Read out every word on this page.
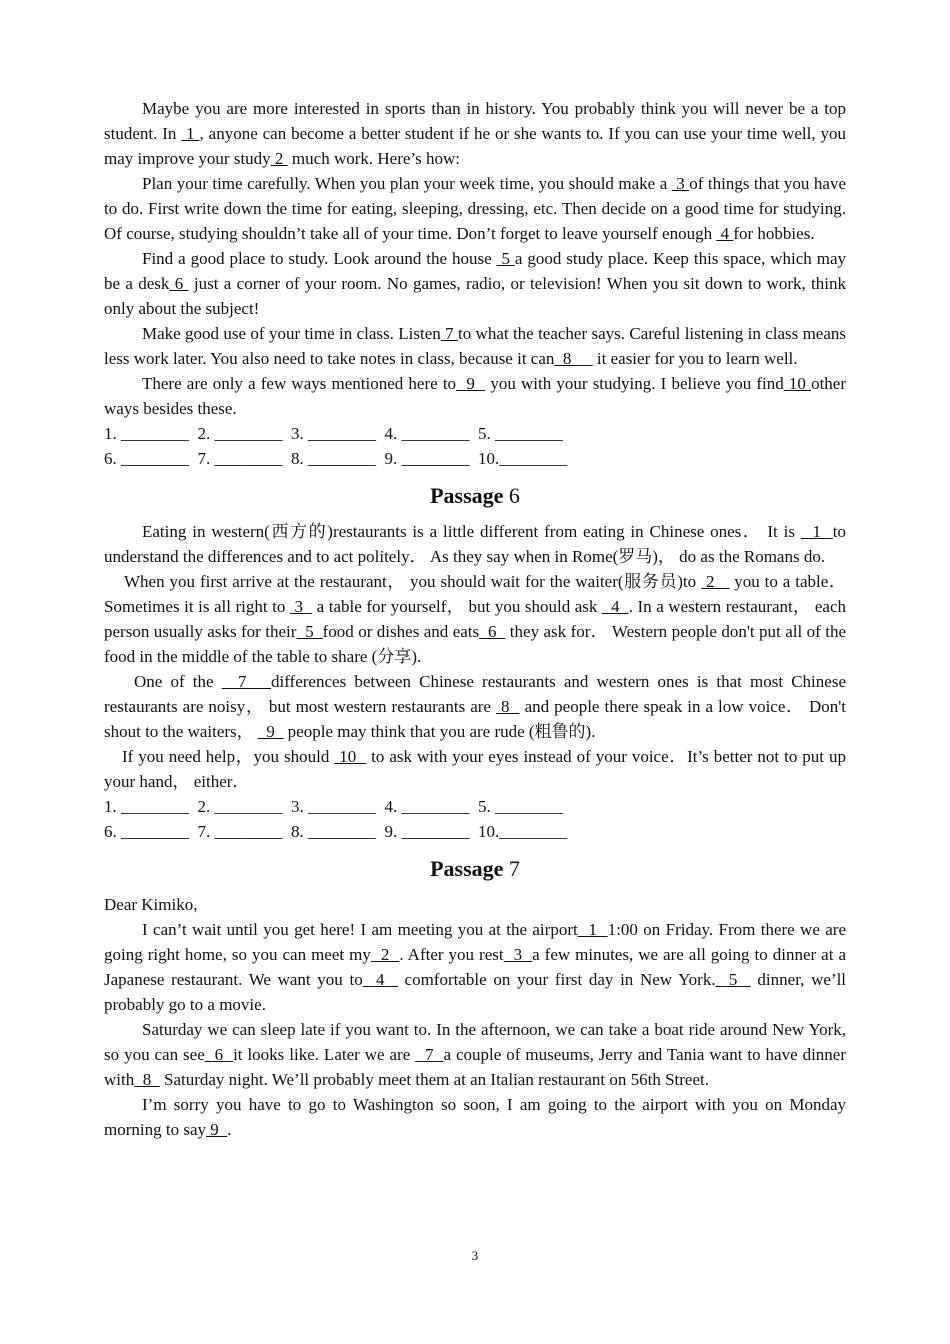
Maybe you are more interested in sports than in history. You probably think you will never be a top student. In  1 , anyone can become a better student if he or she wants to. If you can use your time well, you may improve your study 2  much work. Here’s how:

Plan your time carefully. When you plan your week time, you should make a  3 of things that you have to do. First write down the time for eating, sleeping, dressing, etc. Then decide on a good time for studying. Of course, studying shouldn’t take all of your time. Don’t forget to leave yourself enough  4 for hobbies.

Find a good place to study. Look around the house  5 a good study place. Keep this space, which may be a desk 6  just a corner of your room. No games, radio, or television! When you sit down to work, think only about the subject!

Make good use of your time in class. Listen 7 to what the teacher says. Careful listening in class means less work later. You also need to take notes in class, because it can  8      it easier for you to learn well.

There are only a few ways mentioned here to  9   you with your studying. I believe you find 10 other ways besides these.

1. ________  2. ________  3. ________  4. ________  5. ________

6. ________  7. ________  8. ________  9. ________  10.________

Passage 6

Eating in western(西方的)restaurants is a little different from eating in Chinese ones． It is   1  to understand the differences and to act politely． As they say when in Rome(罗马)， do as the Romans do.

When you first arrive at the restaurant， you should wait for the waiter(服务员)to  2    you to a table． Sometimes it is all right to  3   a table for yourself， but you should ask   4  . In a western restaurant， each person usually asks for their  5  food or dishes and eats  6   they ask for． Western people don't put all of the food in the middle of the table to share (分享).

One of the   7   differences between Chinese restaurants and western ones is that most Chinese restaurants are noisy， but most western restaurants are  8   and people there speak in a low voice． Don't shout to the waiters，   9   people may think that you are rude (粗鲁的).

If you need help，you should  10   to ask with your eyes instead of your voice．It’s better not to put up your hand， either．

1. ________  2. ________  3. ________  4. ________  5. ________

6. ________  7. ________  8. ________  9. ________  10.________

Passage 7

Dear Kimiko,

I can’t wait until you get here! I am meeting you at the airport  1  1:00 on Friday. From there we are going right home, so you can meet my  2  . After you rest  3  a few minutes, we are all going to dinner at a Japanese restaurant. We want you to  4   comfortable on your first day in New York.  5   dinner, we’ll probably go to a movie.

Saturday we can sleep late if you want to. In the afternoon, we can take a boat ride around New York, so you can see  6  it looks like. Later we are   7  a couple of museums, Jerry and Tania want to have dinner with  8   Saturday night. We’ll probably meet them at an Italian restaurant on 56th Street.

I’m sorry you have to go to Washington so soon, I am going to the airport with you on Monday morning to say 9  .

3
